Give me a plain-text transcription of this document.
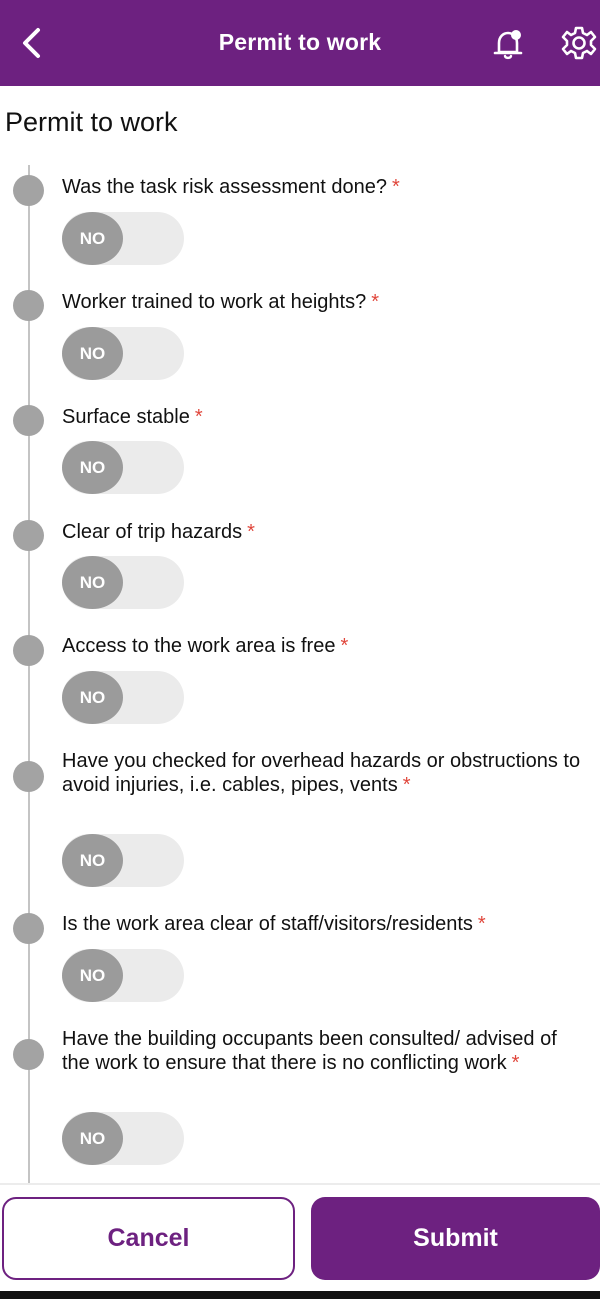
Permit to work
Permit to work
Was the task risk assessment done? *
NO
Worker trained to work at heights? *
NO
Surface stable *
NO
Clear of trip hazards *
NO
Access to the work area is free *
NO
Have you checked for overhead hazards or obstructions to avoid injuries, i.e. cables, pipes, vents *
NO
Is the work area clear of staff/visitors/residents *
NO
Have the building occupants been consulted/ advised of the work to ensure that there is no conflicting work *
NO
Cancel	Submit
